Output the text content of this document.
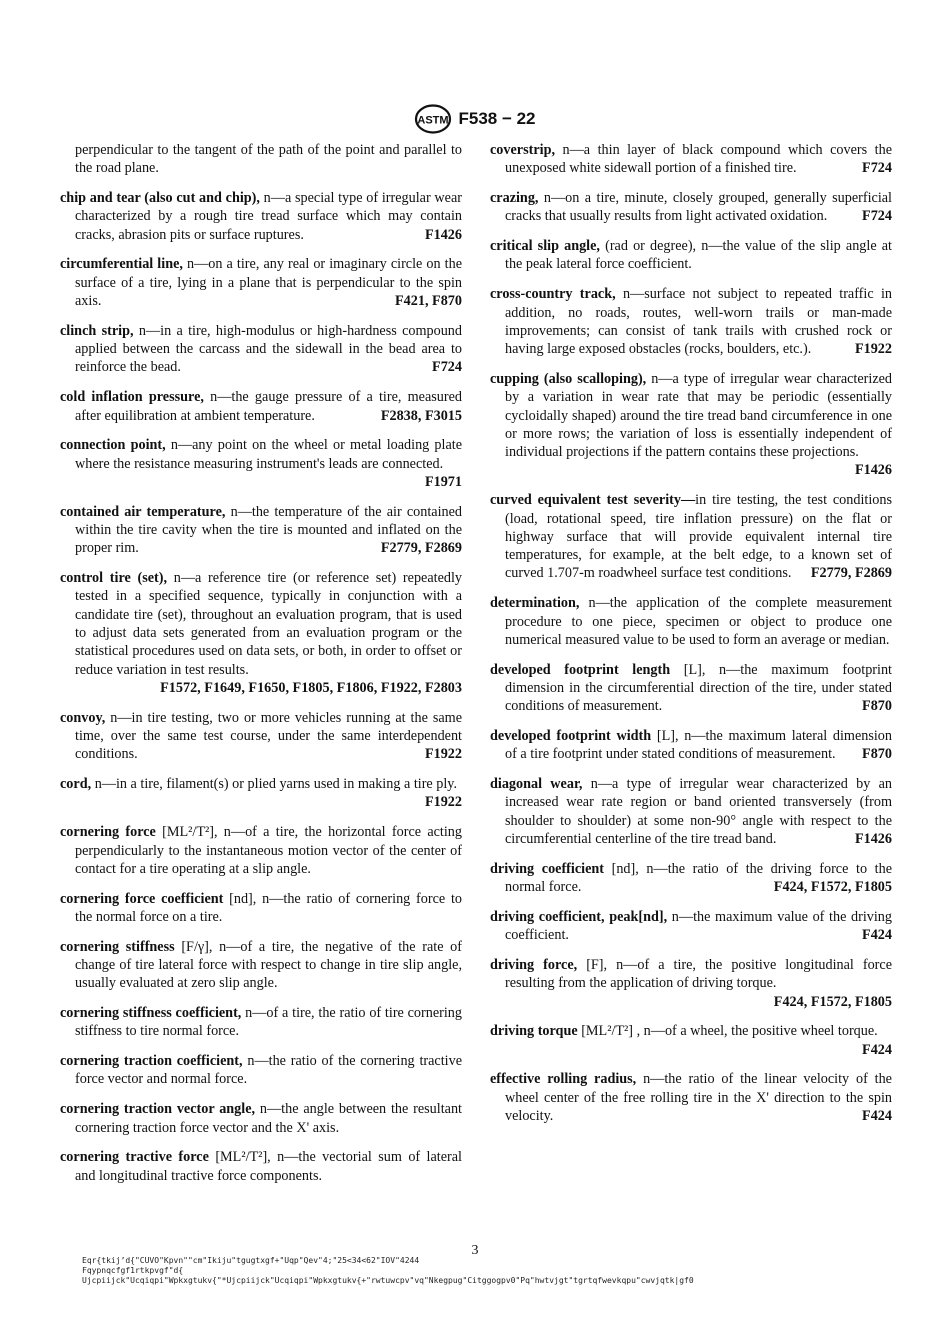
ASTM F538 − 22

perpendicular to the tangent of the path of the point and parallel to the road plane.

chip and tear (also cut and chip), n—a special type of irregular wear characterized by a rough tire tread surface which may contain cracks, abrasion pits or surface ruptures.	F1426

circumferential line, n—on a tire, any real or imaginary circle on the surface of a tire, lying in a plane that is perpendicular to the spin axis.	F421, F870

clinch strip, n—in a tire, high-modulus or high-hardness compound applied between the carcass and the sidewall in the bead area to reinforce the bead.	F724

cold inflation pressure, n—the gauge pressure of a tire, measured after equilibration at ambient temperature.	F2838, F3015

connection point, n—any point on the wheel or metal loading plate where the resistance measuring instrument's leads are connected.
F1971

contained air temperature, n—the temperature of the air contained within the tire cavity when the tire is mounted and inflated on the proper rim.	F2779, F2869

control tire (set), n—a reference tire (or reference set) repeatedly tested in a specified sequence, typically in conjunction with a candidate tire (set), throughout an evaluation program, that is used to adjust data sets generated from an evaluation program or the statistical procedures used on data sets, or both, in order to offset or reduce variation in test results.
F1572, F1649, F1650, F1805, F1806, F1922, F2803

convoy, n—in tire testing, two or more vehicles running at the same time, over the same test course, under the same interdependent conditions.	F1922

cord, n—in a tire, filament(s) or plied yarns used in making a tire ply.
F1922

cornering force [ML²/T²], n—of a tire, the horizontal force acting perpendicularly to the instantaneous motion vector of the center of contact for a tire operating at a slip angle.

cornering force coefficient [nd], n—the ratio of cornering force to the normal force on a tire.

cornering stiffness [F/γ], n—of a tire, the negative of the rate of change of tire lateral force with respect to change in tire slip angle, usually evaluated at zero slip angle.

cornering stiffness coefficient, n—of a tire, the ratio of tire cornering stiffness to tire normal force.

cornering traction coefficient, n—the ratio of the cornering tractive force vector and normal force.

cornering traction vector angle, n—the angle between the resultant cornering traction force vector and the X' axis.

cornering tractive force [ML²/T²], n—the vectorial sum of lateral and longitudinal tractive force components.

coverstrip, n—a thin layer of black compound which covers the unexposed white sidewall portion of a finished tire.	F724

crazing, n—on a tire, minute, closely grouped, generally superficial cracks that usually results from light activated oxidation. F724

critical slip angle, (rad or degree), n—the value of the slip angle at the peak lateral force coefficient.

cross-country track, n—surface not subject to repeated traffic in addition, no roads, routes, well-worn trails or man-made improvements; can consist of tank trails with crushed rock or having large exposed obstacles (rocks, boulders, etc.).	F1922

cupping (also scalloping), n—a type of irregular wear characterized by a variation in wear rate that may be periodic (essentially cycloidally shaped) around the tire tread band circumference in one or more rows; the variation of loss is essentially independent of individual projections if the pattern contains these projections.
F1426

curved equivalent test severity—in tire testing, the test conditions (load, rotational speed, tire inflation pressure) on the flat or highway surface that will provide equivalent internal tire temperatures, for example, at the belt edge, to a known set of curved 1.707-m roadwheel surface test conditions. F2779, F2869

determination, n—the application of the complete measurement procedure to one piece, specimen or object to produce one numerical measured value to be used to form an average or median.

developed footprint length [L], n—the maximum footprint dimension in the circumferential direction of the tire, under stated conditions of measurement.	F870

developed footprint width [L], n—the maximum lateral dimension of a tire footprint under stated conditions of measurement. F870

diagonal wear, n—a type of irregular wear characterized by an increased wear rate region or band oriented transversely (from shoulder to shoulder) at some non-90° angle with respect to the circumferential centerline of the tire tread band.	F1426

driving coefficient [nd], n—the ratio of the driving force to the normal force.	F424, F1572, F1805

driving coefficient, peak[nd], n—the maximum value of the driving coefficient.	F424

driving force, [F], n—of a tire, the positive longitudinal force resulting from the application of driving torque.
F424, F1572, F1805

driving torque [ML²/T²] , n—of a wheel, the positive wheel torque.
F424

effective rolling radius, n—the ratio of the linear velocity of the wheel center of the free rolling tire in the X' direction to the spin velocity.	F424

3
Eqr{tkij’d{"CUVO"Kpvn""cm"Ikiju"tgugtxgf+"Uqp"Qev"4;"25<34<62"IOV"4244
Fqypnqcfgf1rtkpvgf"d{
Ujcpiijck"Ucqiqpi"Wpkxgtukv{"*Ujcpiijck"Ucqiqpi"Wpkxgtukv{+"rwtuwcpv"vq"Nkegpug"Citggogpv0"Pq"hwtvjgt"tgrtqfwevkqpu"cwvjqtk|gf0
